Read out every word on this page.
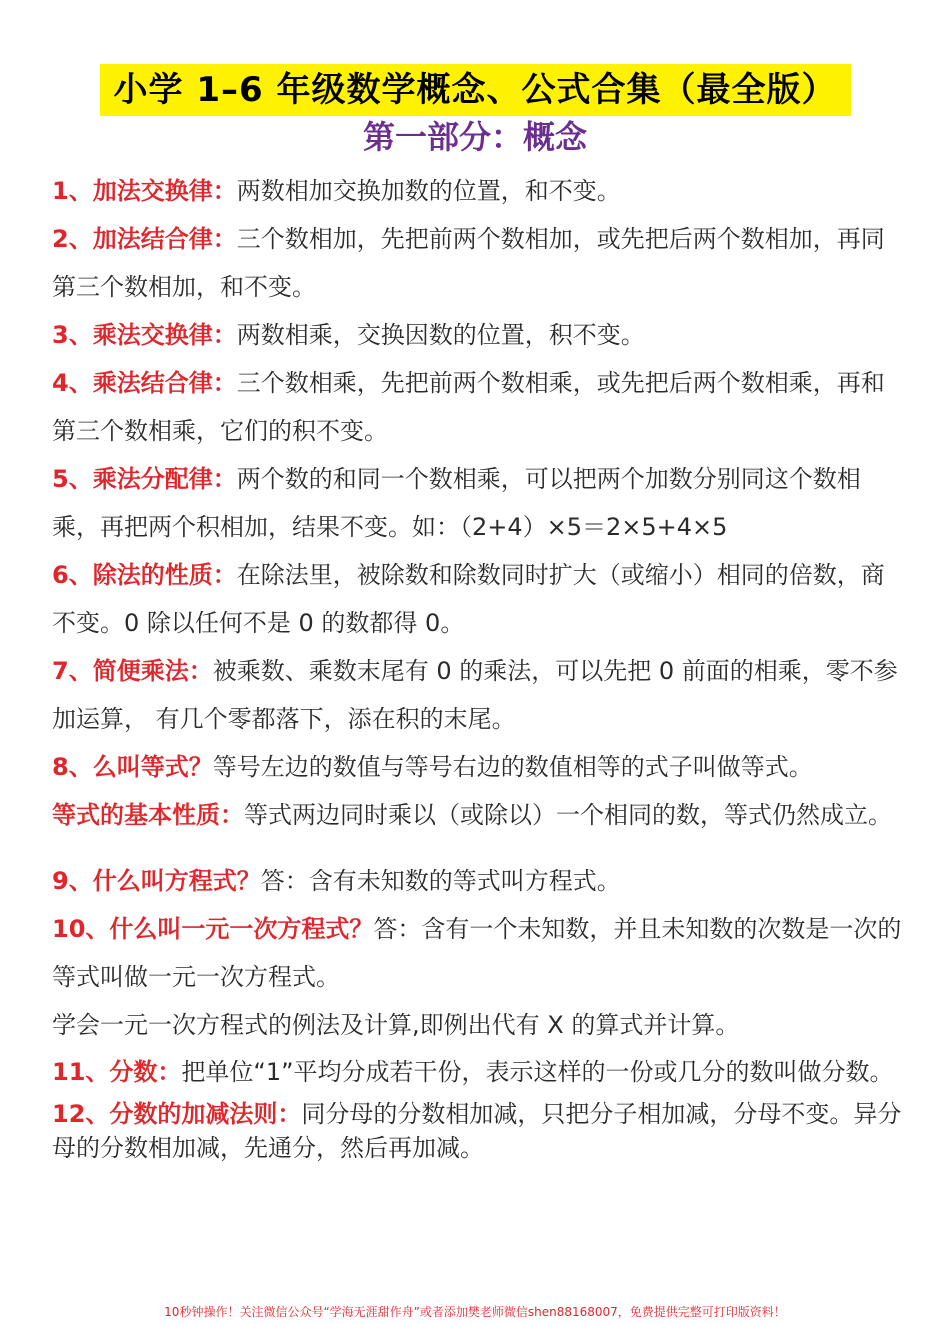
小学 1–6 年级数学概念、公式合集（最全版）
第一部分：概念

1、加法交换律：两数相加交换加数的位置，和不变。

2、加法结合律：三个数相加，先把前两个数相加，或先把后两个数相加，再同第三个数相加，和不变。

3、乘法交换律：两数相乘，交换因数的位置，积不变。

4、乘法结合律：三个数相乘，先把前两个数相乘，或先把后两个数相乘，再和第三个数相乘，它们的积不变。

5、乘法分配律：两个数的和同一个数相乘，可以把两个加数分别同这个数相乘，再把两个积相加，结果不变。如：（2+4）×5＝2×5+4×5

6、除法的性质：在除法里，被除数和除数同时扩大（或缩小）相同的倍数，商不变。0 除以任何不是 0 的数都得 0。

7、简便乘法：被乘数、乘数末尾有 0 的乘法，可以先把 0 前面的相乘，零不参加运算， 有几个零都落下，添在积的末尾。

8、么叫等式？等号左边的数值与等号右边的数值相等的式子叫做等式。

等式的基本性质：等式两边同时乘以（或除以）一个相同的数，等式仍然成立。

9、什么叫方程式？答：含有未知数的等式叫方程式。

10、什么叫一元一次方程式？答：含有一个未知数，并且未知数的次数是一次的等式叫做一元一次方程式。

学会一元一次方程式的例法及计算,即例出代有 X 的算式并计算。

11、分数：把单位“1”平均分成若干份，表示这样的一份或几分的数叫做分数。

12、分数的加减法则：同分母的分数相加减，只把分子相加减，分母不变。异分母的分数相加减，先通分，然后再加减。

10秒钟操作！关注微信公众号“学海无涯甜作舟”或者添加樊老师微信shen88168007，免费提供完整可打印版资料！
